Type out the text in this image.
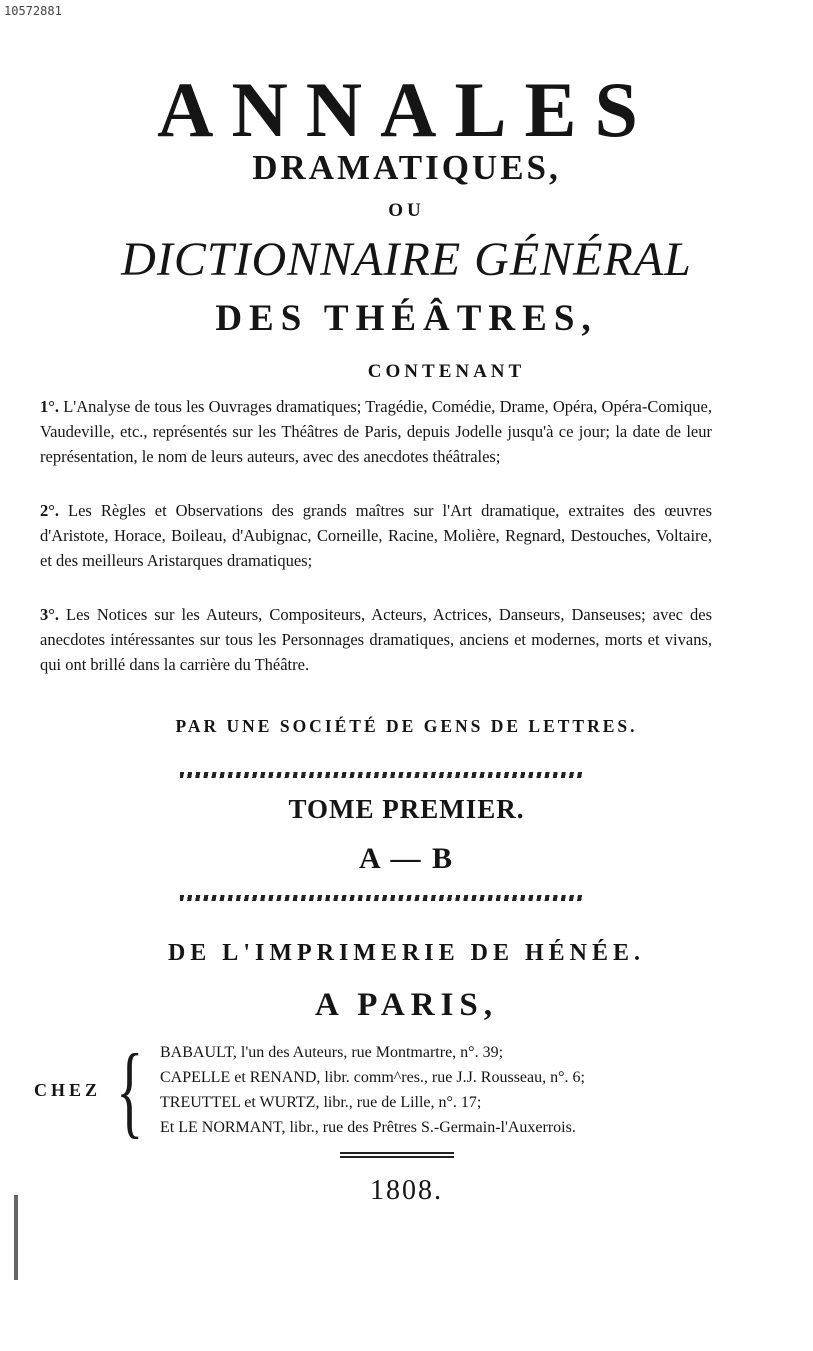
10572881
ANNALES
DRAMATIQUES,
OU
DICTIONNAIRE GÉNÉRAL
DES THÉÂTRES,
CONTENANT
1°. L'Analyse de tous les Ouvrages dramatiques; Tragédie, Comédie, Drame, Opéra, Opéra-Comique, Vaudeville, etc., représentés sur les Théâtres de Paris, depuis Jodelle jusqu'à ce jour; la date de leur représentation, le nom de leurs auteurs, avec des anecdotes théâtrales;
2°. Les Règles et Observations des grands maîtres sur l'Art dramatique, extraites des œuvres d'Aristote, Horace, Boileau, d'Aubignac, Corneille, Racine, Molière, Regnard, Destouches, Voltaire, et des meilleurs Aristarques dramatiques;
3°. Les Notices sur les Auteurs, Compositeurs, Acteurs, Actrices, Danseurs, Danseuses; avec des anecdotes intéressantes sur tous les Personnages dramatiques, anciens et modernes, morts et vivans, qui ont brillé dans la carrière du Théâtre.
PAR UNE SOCIÉTÉ DE GENS DE LETTRES.
TOME PREMIER.
A — B
DE L'IMPRIMERIE DE HÉNÉE.
A PARIS,
CHEZ { BABAULT, l'un des Auteurs, rue Montmartre, n°. 39;
CAPELLE et RENAND, libr. comm^res., rue J.J. Rousseau, n°. 6;
TREUTTEL et WURTZ, libr., rue de Lille, n°. 17;
Et LE NORMANT, libr., rue des Prêtres S.-Germain-l'Auxerrois.
1808.
